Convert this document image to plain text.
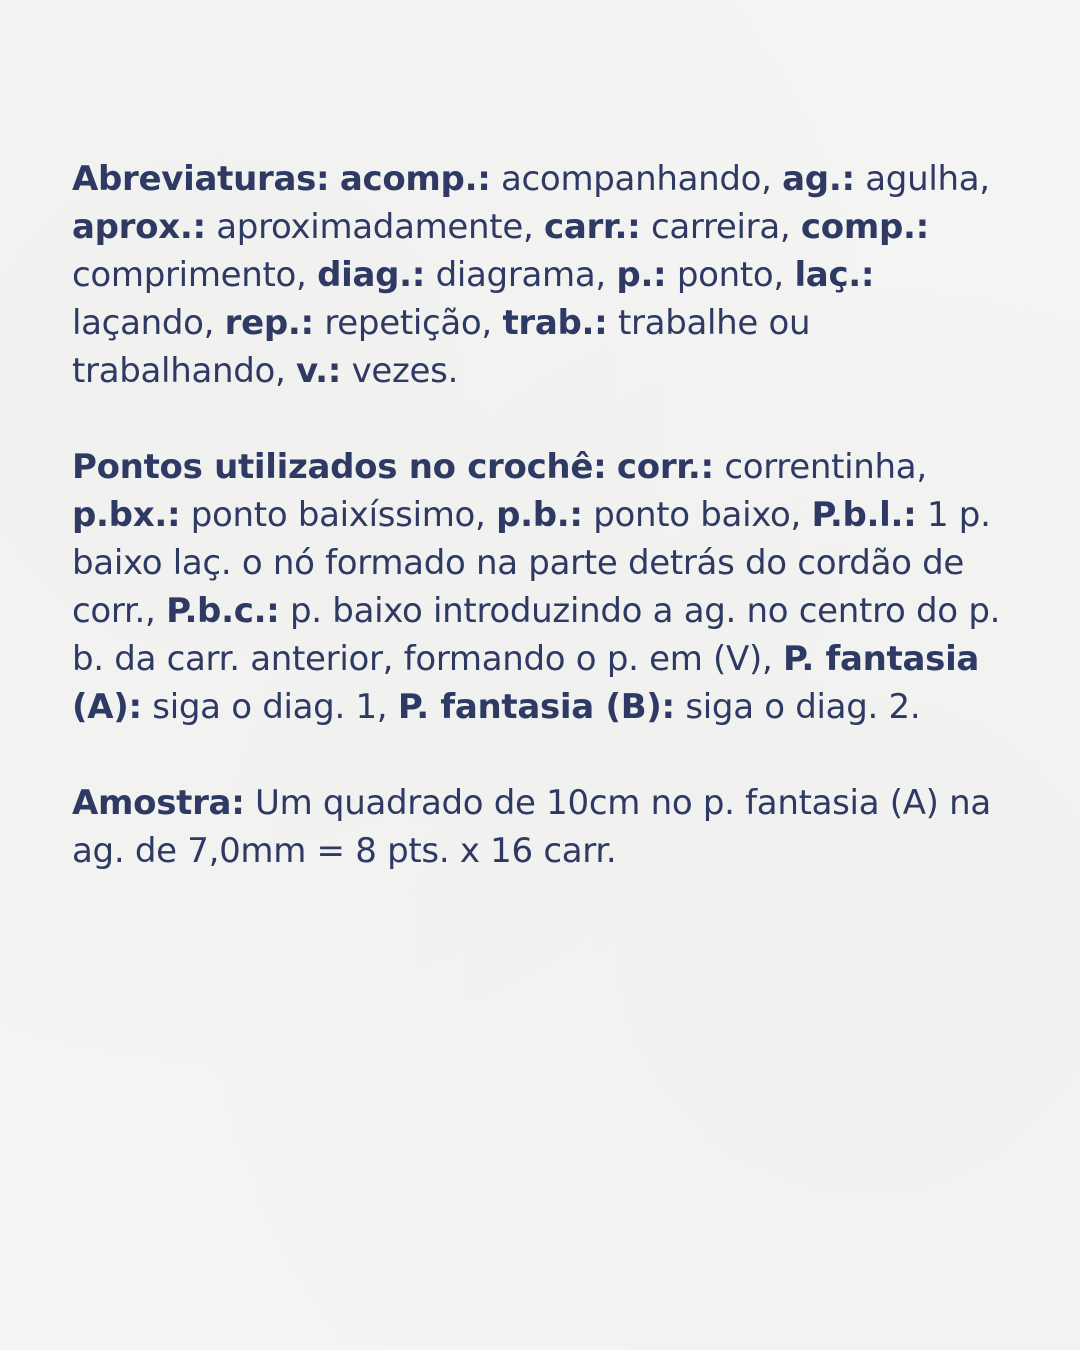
Abreviaturas: acomp.: acompanhando, ag.: agulha, aprox.: aproximadamente, carr.: carreira, comp.: comprimento, diag.: diagrama, p.: ponto, laç.: laçando, rep.: repetição, trab.: trabalhe ou trabalhando, v.: vezes.

Pontos utilizados no crochê: corr.: correntinha, p.bx.: ponto baixíssimo, p.b.: ponto baixo, P.b.l.: 1 p. baixo laç. o nó formado na parte detrás do cordão de corr., P.b.c.: p. baixo introduzindo a ag. no centro do p. b. da carr. anterior, formando o p. em (V), P. fantasia (A): siga o diag. 1, P. fantasia (B): siga o diag. 2.

Amostra: Um quadrado de 10cm no p. fantasia (A) na ag. de 7,0mm = 8 pts. x 16 carr.
